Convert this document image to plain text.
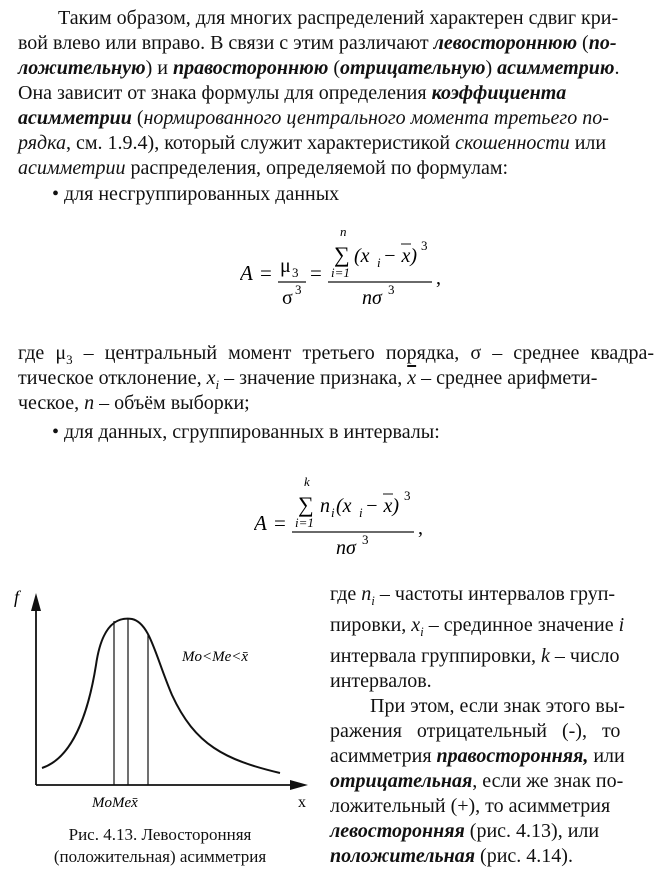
Таким образом, для многих распределений характерен сдвиг кри-
вой влево или вправо. В связи с этим различают левостороннюю (по-
ложительную) и правостороннюю (отрицательную) асимметрию.
Она зависит от знака формулы для определения коэффициента
асимметрии (нормированного центрального момента третьего по-
рядка, см. 1.9.4), который служит характеристикой скошенности или
асимметрии распределения, определяемой по формулам:
• для несгруппированных данных
A = μ 3
σ 3
=
n
∑
i=1
(x i − x) 3
nσ 3
,
где $\mu_3$ – центральный момент третьего порядка, σ – среднее квадра-
тическое отклонение, $x_i$ – значение признака, $\overline{x}$ – среднее арифмети-
ческое, n – объём выборки;
• для данных, сгруппированных в интервалы:
A =
k
∑
i=1
n i (x i − x) 3
nσ 3
,
f
x
Mo<Me<x̄
MoMex̄
Рис. 4.13. Левосторонняя
(положительная) асимметрия
где $n_i$ – частоты интервалов груп-
пировки, $x_i$ – срединное значение i
интервала группировки, k – число
интервалов.
При этом, если знак этого вы-
ражения   отрицательный   (-),   то
асимметрия правосторонняя, или
отрицательная, если же знак по-
ложительный (+), то асимметрия
левосторонняя (рис. 4.13), или
положительная (рис. 4.14).
